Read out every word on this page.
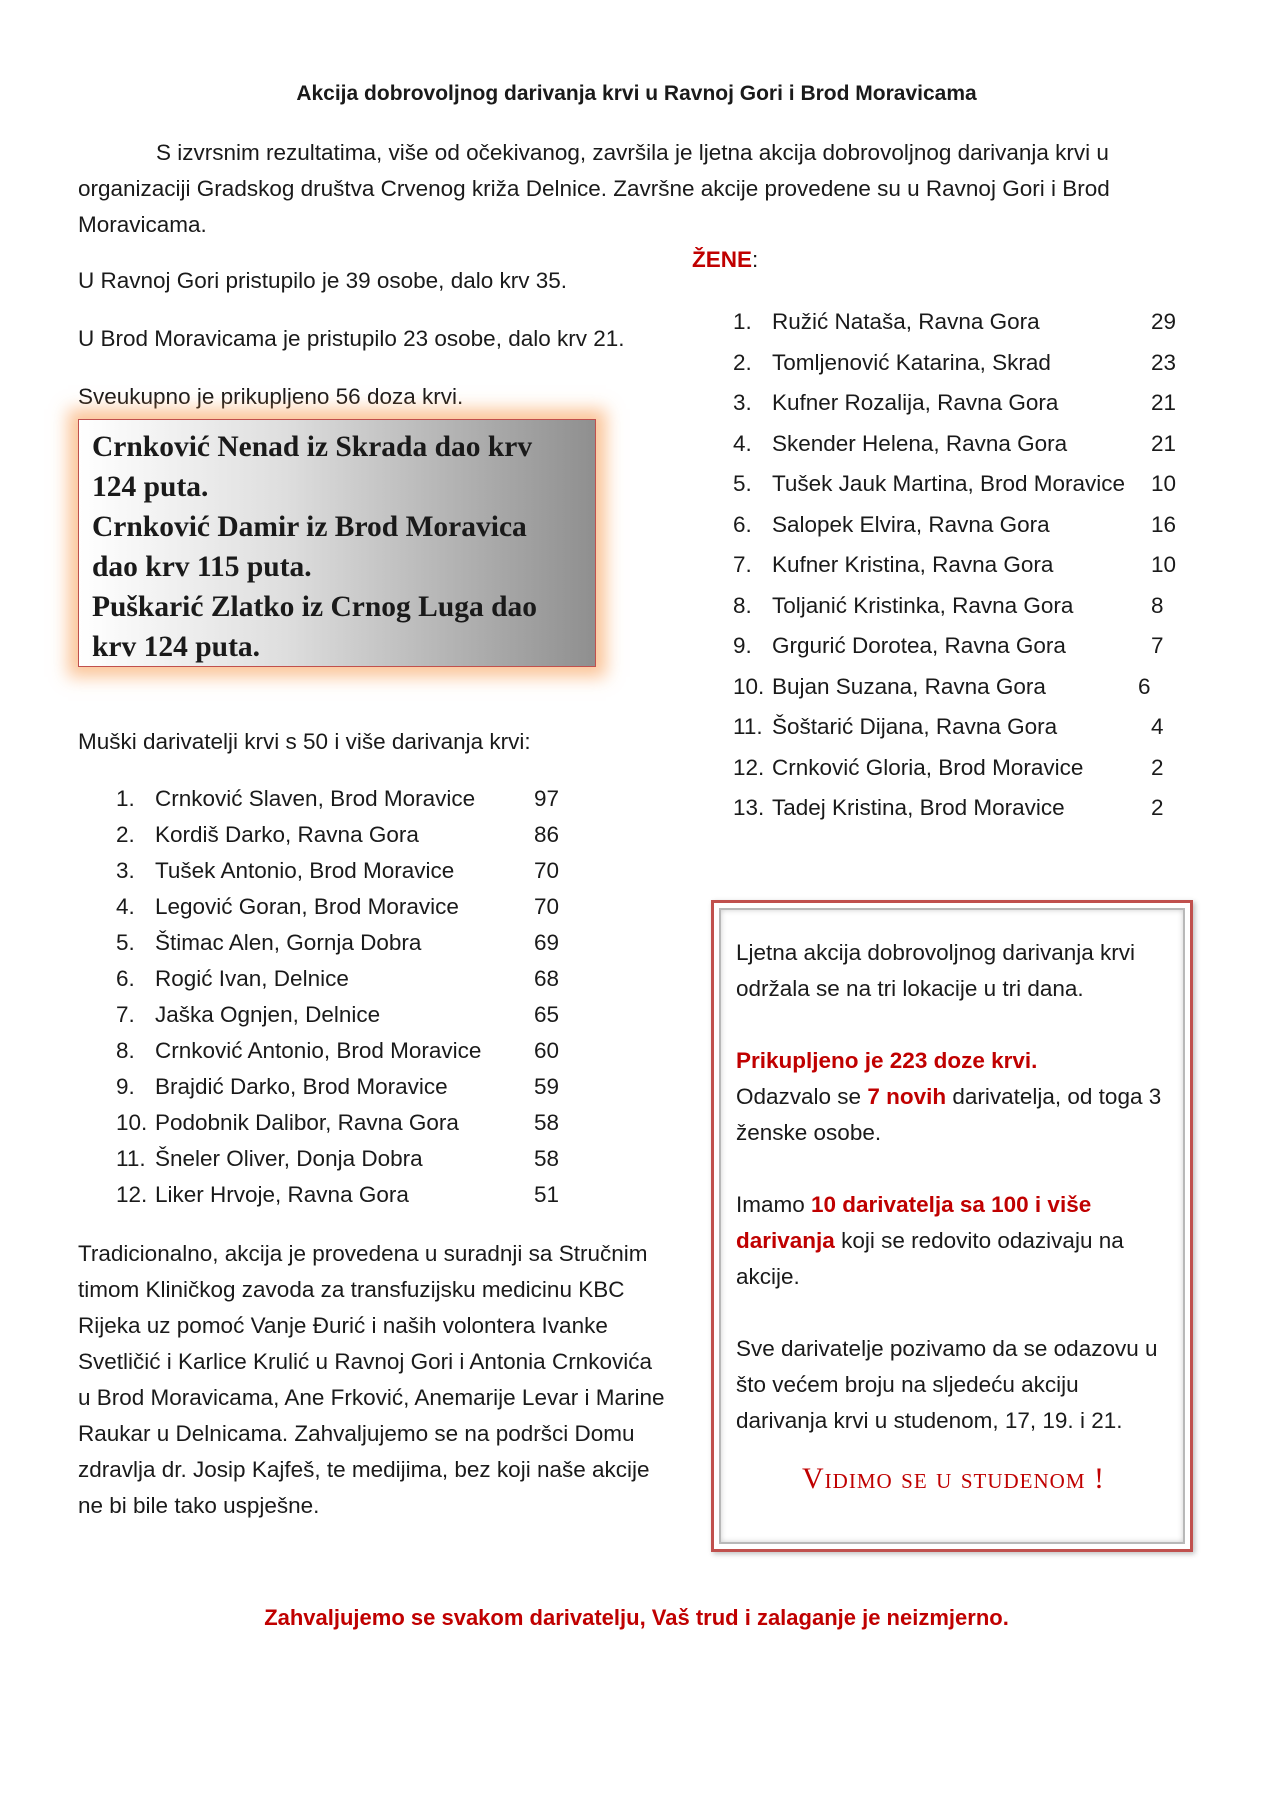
Akcija dobrovoljnog darivanja krvi u Ravnoj Gori i Brod Moravicama
S izvrsnim rezultatima, više od očekivanog, završila je ljetna akcija dobrovoljnog darivanja krvi u
organizaciji Gradskog društva Crvenog križa Delnice. Završne akcije provedene su u Ravnoj Gori i Brod
Moravicama.
U Ravnoj Gori pristupilo je 39 osobe, dalo krv 35.
U Brod Moravicama je pristupilo 23 osobe, dalo krv 21.
Sveukupno je prikupljeno 56 doza krvi.
Crnković Nenad iz Skrada dao krv
124 puta.
Crnković Damir iz Brod Moravica
dao krv 115 puta.
Puškarić Zlatko iz Crnog Luga dao
krv 124 puta.
Muški darivatelji krvi s 50 i više darivanja krvi:
1. Crnković Slaven, Brod Moravice	97
2. Kordiš Darko, Ravna Gora	86
3. Tušek Antonio, Brod Moravice	70
4. Legović Goran, Brod Moravice	70
5. Štimac Alen, Gornja Dobra	69
6. Rogić Ivan, Delnice	68
7. Jaška Ognjen, Delnice	65
8. Crnković Antonio, Brod Moravice 60
9. Brajdić Darko, Brod Moravice	59
10. Podobnik Dalibor, Ravna Gora	58
11. Šneler Oliver, Donja Dobra	58
12. Liker Hrvoje, Ravna Gora	51
ŽENE:
1. Ružić Nataša, Ravna Gora	29
2. Tomljenović Katarina, Skrad	23
3. Kufner Rozalija, Ravna Gora	21
4. Skender Helena, Ravna Gora	21
5. Tušek Jauk Martina, Brod Moravice 10
6. Salopek Elvira, Ravna Gora	16
7. Kufner Kristina, Ravna Gora	10
8. Toljanić Kristinka, Ravna Gora	8
9. Grgurić Dorotea, Ravna Gora	7
10. Bujan Suzana, Ravna Gora	6
11. Šoštarić Dijana, Ravna Gora	4
12. Crnković Gloria, Brod Moravice	2
13. Tadej Kristina, Brod Moravice	2
Tradicionalno, akcija je provedena u suradnji sa Stručnim
timom Kliničkog zavoda za transfuzijsku medicinu KBC
Rijeka uz pomoć Vanje Đurić i naših volontera Ivanke
Svetličić i Karlice Krulić u Ravnoj Gori i Antonia Crnkovića
u Brod Moravicama, Ane Frković, Anemarije Levar i Marine
Raukar u Delnicama. Zahvaljujemo se na podršci Domu
zdravlja dr. Josip Kajfeš, te medijima, bez koji naše akcije
ne bi bile tako uspješne.
Ljetna akcija dobrovoljnog darivanja krvi
održala se na tri lokacije u tri dana.
Prikupljeno je 223 doze krvi.
Odazvalo se 7 novih darivatelja, od toga 3
ženske osobe.
Imamo 10 darivatelja sa 100 i više
darivanja koji se redovito odazivaju na
akcije.
Sve darivatelje pozivamo da se odazovu u
što većem broju na sljedeću akciju
darivanja krvi u studenom, 17, 19. i 21.
Vidimo se u studenom !
Zahvaljujemo se svakom darivatelju, Vaš trud i zalaganje je neizmjerno.
